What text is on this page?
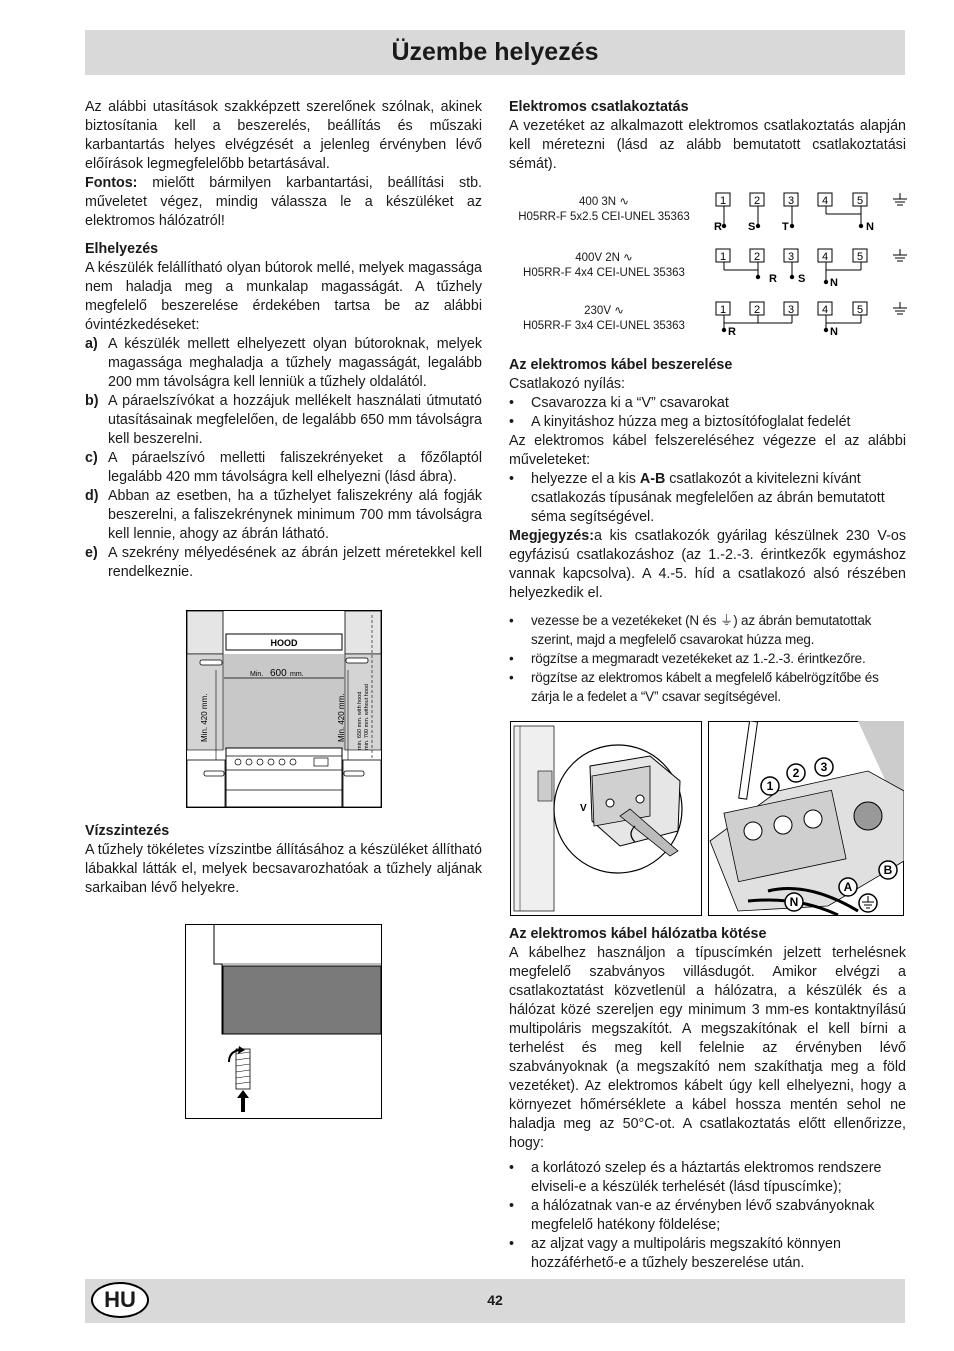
Üzembe helyezés

Az alábbi utasítások szakképzett szerelőnek szólnak, akinek biztosítania kell a beszerelés, beállítás és műszaki karbantartás helyes elvégzését a jelenleg érvényben lévő előírások legmegfelelőbb betartásával.

Fontos: mielőtt bármilyen karbantartási, beállítási stb. műveletet végez, mindig válassza le a készüléket az elektromos hálózatról!

Elhelyezés

A készülék felállítható olyan bútorok mellé, melyek magassága nem haladja meg a munkalap magasságát. A tűzhely megfelelő beszerelése érdekében tartsa be az alábbi óvintézkedéseket:

a) A készülék mellett elhelyezett olyan bútoroknak, melyek magassága meghaladja a tűzhely magasságát, legalább 200 mm távolságra kell lenniük a tűzhely oldalától.
b) A páraelszívókat a hozzájuk mellékelt használati útmutató utasításainak megfelelően, de legalább 650 mm távolságra kell beszerelni.
c) A páraelszívó melletti faliszekrényeket a főzőlaptól legalább 420 mm távolságra kell elhelyezni (lásd ábra).
d) Abban az esetben, ha a tűzhelyet faliszekrény alá fogják beszerelni, a faliszekrénynek minimum 700 mm távolságra kell lennie, ahogy az ábrán látható.
e) A szekrény mélyedésének az ábrán jelzett méretekkel kell rendelkeznie.
HOOD
Min. 600 mm.
Min. 420 mm.	Min. 420 mm. min. 650 mm. with hood min. 700 mm. without hood
Vízszintezés

A tűzhely tökéletes vízszintbe állításához a készüléket állítható lábakkal látták el, melyek becsavarozhatóak a tűzhely aljának sarkaiban lévő helyekre.

Elektromos csatlakoztatás

A vezetéket az alkalmazott elektromos csatlakoztatás alapján kell méretezni (lásd az alább bemutatott csatlakoztatási sémát).

400 3N ∿
H05RR-F 5x2.5 CEI-UNEL 35363
1	2	3	4	5
R S T	N
400V 2N ∿
H05RR-F 4x4 CEI-UNEL 35363
1	2	3	4	5
R S N
230V ∿
H05RR-F 3x4 CEI-UNEL 35363
1	2	3	4	5
R	N
Az elektromos kábel beszerelése

Csatlakozó nyílás:

• Csavarozza ki a “V” csavarokat
• A kinyitáshoz húzza meg a biztosítófoglalat fedelét

Az elektromos kábel felszereléséhez végezze el az alábbi műveleteket:

• helyezze el a kis A-B csatlakozót a kivitelezni kívánt csatlakozás típusának megfelelően az ábrán bemutatott séma segítségével.

Megjegyzés:a kis csatlakozók gyárilag készülnek 230 V-os egyfázisú csatlakozáshoz (az 1.-2.-3. érintkezők egymáshoz vannak kapcsolva). A 4.-5. híd a csatlakozó alsó részében helyezkedik el.

• vezesse be a vezetékeket (N és ⏚) az ábrán bemutatottak szerint, majd a megfelelő csavarokat húzza meg.
• rögzítse a megmaradt vezetékeket az 1.-2.-3. érintkezőre.
• rögzítse az elektromos kábelt a megfelelő kábelrögzítőbe és zárja le a fedelet a “V” csavar segítségével.
V
1
2 3
B
A
N
Az elektromos kábel hálózatba kötése

A kábelhez használjon a típuscímkén jelzett terhelésnek megfelelő szabványos villásdugót. Amikor elvégzi a csatlakoztatást közvetlenül a hálózatra, a készülék és a hálózat közé szereljen egy minimum 3 mm-es kontaktnyílású multipoláris megszakítót. A megszakítónak el kell bírni a terhelést és meg kell felelnie az érvényben lévő szabványoknak (a megszakító nem szakíthatja meg a föld vezetéket). Az elektromos kábelt úgy kell elhelyezni, hogy a környezet hőmérséklete a kábel hossza mentén sehol ne haladja meg az 50°C-ot. A csatlakoztatás előtt ellenőrizze, hogy:

• a korlátozó szelep és a háztartás elektromos rendszere elviseli-e a készülék terhelését (lásd típuscímke);
• a hálózatnak van-e az érvényben lévő szabványoknak megfelelő hatékony földelése;
• az aljzat vagy a multipoláris megszakító könnyen hozzáférhető-e a tűzhely beszerelése után.
HU	42
